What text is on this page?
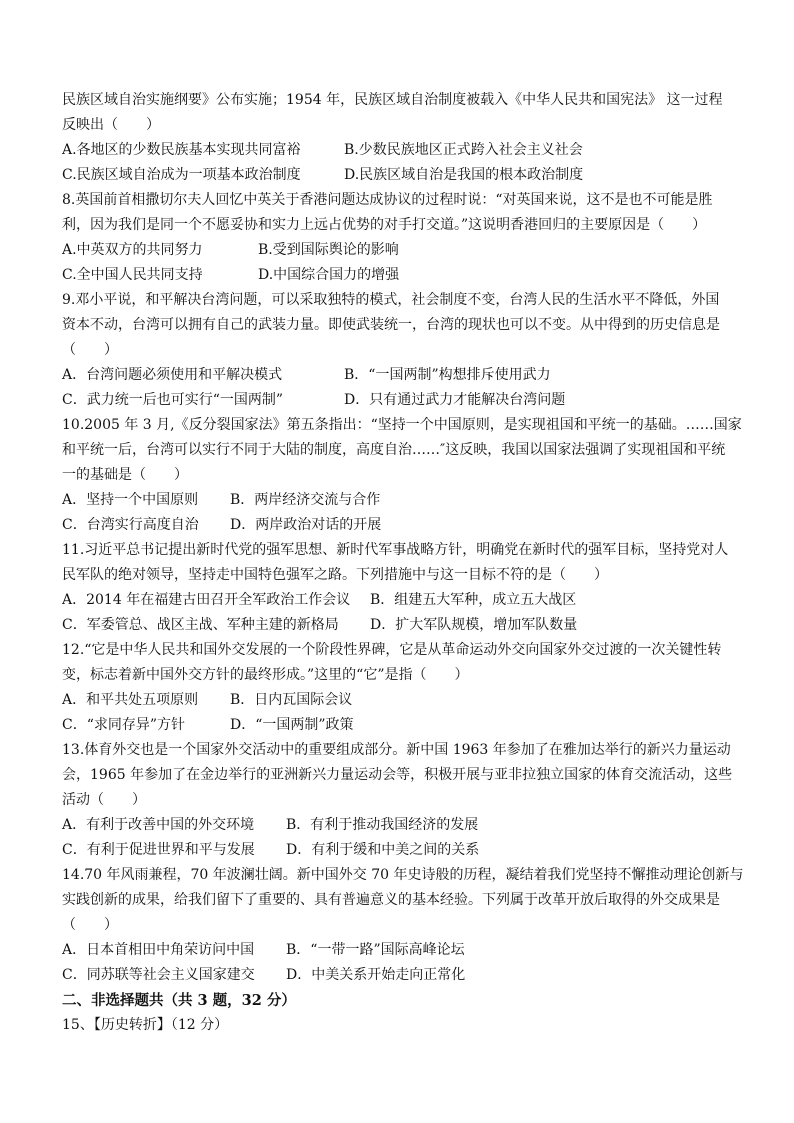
民族区域自治实施纲要》公布实施；1954 年，民族区域自治制度被载入《中华人民共和国宪法》 这一过程
反映出（　　）
A.各地区的少数民族基本实现共同富裕	B.少数民族地区正式跨入社会主义社会
C.民族区域自治成为一项基本政治制度	D.民族区域自治是我国的根本政治制度
8.英国前首相撒切尔夫人回忆中英关于香港问题达成协议的过程时说：“对英国来说，这不是也不可能是胜
利，因为我们是同一个不愿妥协和实力上远占优势的对手打交道。”这说明香港回归的主要原因是（　　）
A.中英双方的共同努力	B.受到国际舆论的影响
C.全中国人民共同支持	D.中国综合国力的增强
9.邓小平说，和平解决台湾问题，可以采取独特的模式，社会制度不变，台湾人民的生活水平不降低，外国
资本不动，台湾可以拥有自己的武装力量。即使武装统一，台湾的现状也可以不变。从中得到的历史信息是
（　　）
A．台湾问题必须使用和平解决模式	B．“一国两制”构想排斥使用武力
C．武力统一后也可实行“一国两制”	D．只有通过武力才能解决台湾问题
10.2005 年 3 月,《反分裂国家法》第五条指出：“坚持一个中国原则，是实现祖国和平统一的基础。……国家
和平统一后，台湾可以实行不同于大陆的制度，高度自治……″这反映，我国以国家法强调了实现祖国和平统
一的基础是（　　）
A．坚持一个中国原则	B．两岸经济交流与合作
C．台湾实行高度自治	D．两岸政治对话的开展
11.习近平总书记提出新时代党的强军思想、新时代军事战略方针，明确党在新时代的强军目标，坚持党对人
民军队的绝对领导，坚持走中国特色强军之路。下列措施中与这一目标不符的是（　　）
A．2014 年在福建古田召开全军政治工作会议	B．组建五大军种，成立五大战区
C．军委管总、战区主战、军种主建的新格局	D．扩大军队规模，增加军队数量
12.“它是中华人民共和国外交发展的一个阶段性界碑，它是从革命运动外交向国家外交过渡的一次关键性转
变，标志着新中国外交方针的最终形成。”这里的“它”是指（　　）
A．和平共处五项原则	B．日内瓦国际会议
C．“求同存异”方针	D．“一国两制”政策
13.体育外交也是一个国家外交活动中的重要组成部分。新中国 1963 年参加了在雅加达举行的新兴力量运动
会，1965 年参加了在金边举行的亚洲新兴力量运动会等，积极开展与亚非拉独立国家的体育交流活动，这些
活动（　　）
A．有利于改善中国的外交环境	B．有利于推动我国经济的发展
C．有利于促进世界和平与发展	D．有利于缓和中美之间的关系
14.70 年风雨兼程，70 年波澜壮阔。新中国外交 70 年史诗般的历程，凝结着我们党坚持不懈推动理论创新与
实践创新的成果，给我们留下了重要的、具有普遍意义的基本经验。下列属于改革开放后取得的外交成果是
（　　）
A．日本首相田中角荣访问中国	B．“一带一路”国际高峰论坛
C．同苏联等社会主义国家建交	D．中美关系开始走向正常化
二、非选择题共（共 3 题，32 分）
15、【历史转折】（12 分）
